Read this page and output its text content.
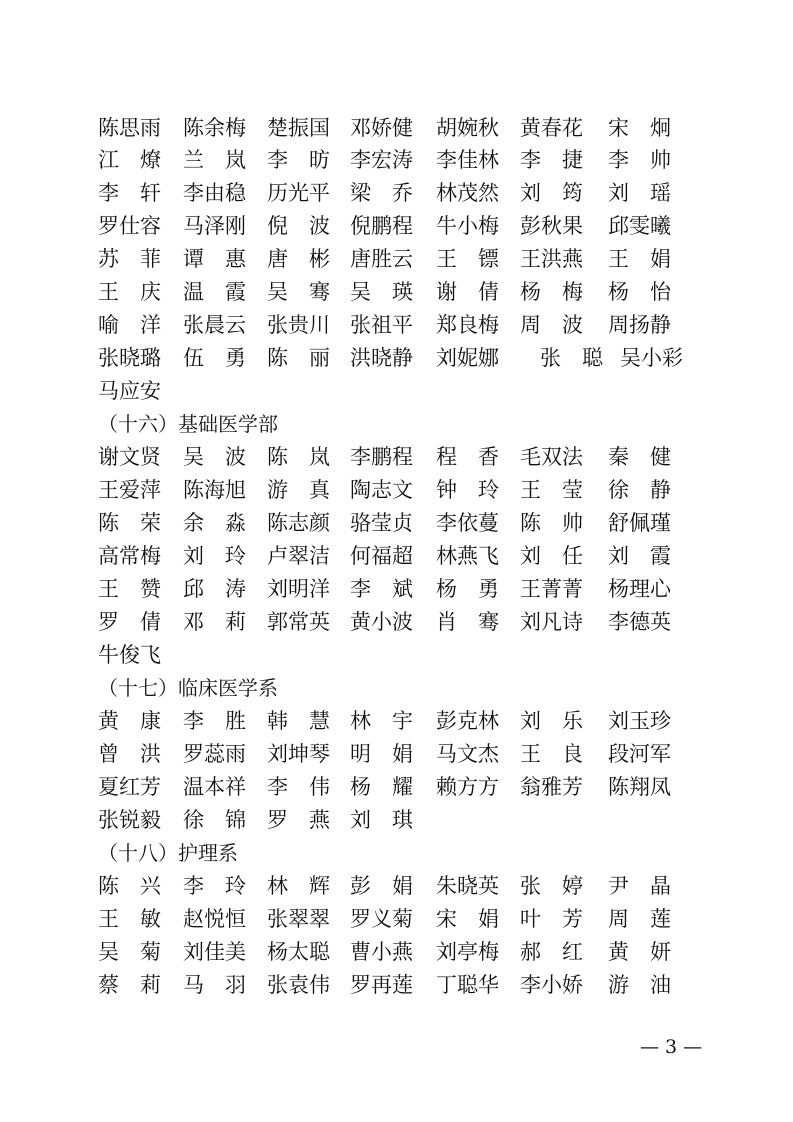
陈思雨 陈余梅 楚振国 邓娇健 胡婉秋 黄春花 宋　炯
江　燎 兰　岚 李　昉 李宏涛 李佳林 李　捷 李　帅
李　轩 李由稳 历光平 梁　乔 林茂然 刘　筠 刘　瑶
罗仕容 马泽刚 倪　波 倪鹏程 牛小梅 彭秋果 邱雯曦
苏　菲 谭　惠 唐　彬 唐胜云 王　镖 王洪燕 王　娟
王　庆 温　霞 吴　骞 吴　瑛 谢　倩 杨　梅 杨　怡
喻　洋 张晨云 张贵川 张祖平 郑良梅 周　波 周扬静
张晓璐 伍　勇 陈　丽 洪晓静 刘妮娜 张　聪 吴小彩
马应安
（十六）基础医学部
谢文贤 吴　波 陈　岚 李鹏程 程　香 毛双法 秦　健
王爱萍 陈海旭 游　真 陶志文 钟　玲 王　莹 徐　静
陈　荣 余　淼 陈志颜 骆莹贞 李依蔓 陈　帅 舒佩瑾
高常梅 刘　玲 卢翠洁 何福超 林燕飞 刘　任 刘　霞
王　赞 邱　涛 刘明洋 李　斌 杨　勇 王菁菁 杨理心
罗　倩 邓　莉 郭常英 黄小波 肖　骞 刘凡诗 李德英
牛俊飞
（十七）临床医学系
黄　康 李　胜 韩　慧 林　宇 彭克林 刘　乐 刘玉珍
曾　洪 罗蕊雨 刘坤琴 明　娟 马文杰 王　良 段河军
夏红芳 温本祥 李　伟 杨　耀 赖方方 翁雅芳 陈翔凤
张锐毅 徐　锦 罗　燕 刘　琪
（十八）护理系
陈　兴 李　玲 林　辉 彭　娟 朱晓英 张　婷 尹　晶
王　敏 赵悦恒 张翠翠 罗义菊 宋　娟 叶　芳 周　莲
吴　菊 刘佳美 杨太聪 曹小燕 刘亭梅 郝　红 黄　妍
蔡　莉 马　羽 张袁伟 罗再莲 丁聪华 李小娇 游　油
— 3 —
